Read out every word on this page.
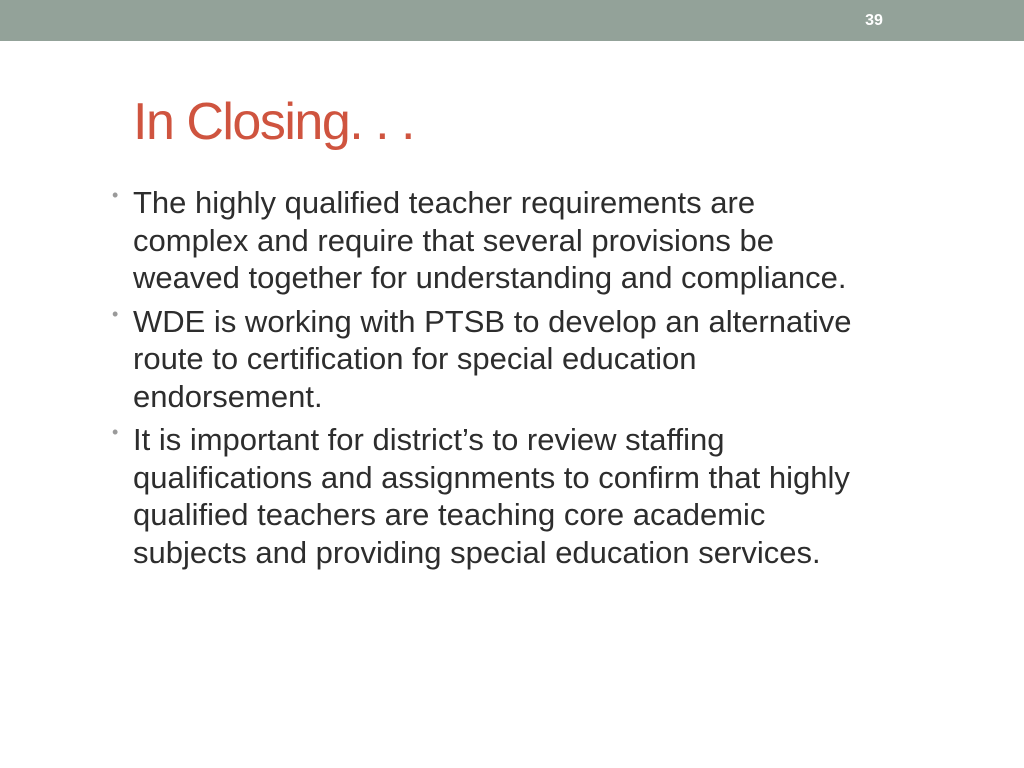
39
In Closing. . .
• The highly qualified teacher requirements are complex and require that several provisions be weaved together for understanding and compliance.
• WDE is working with PTSB to develop an alternative route to certification for special education endorsement.
• It is important for district’s to review staffing qualifications and assignments to confirm that highly qualified teachers are teaching core academic subjects and providing special education services.
